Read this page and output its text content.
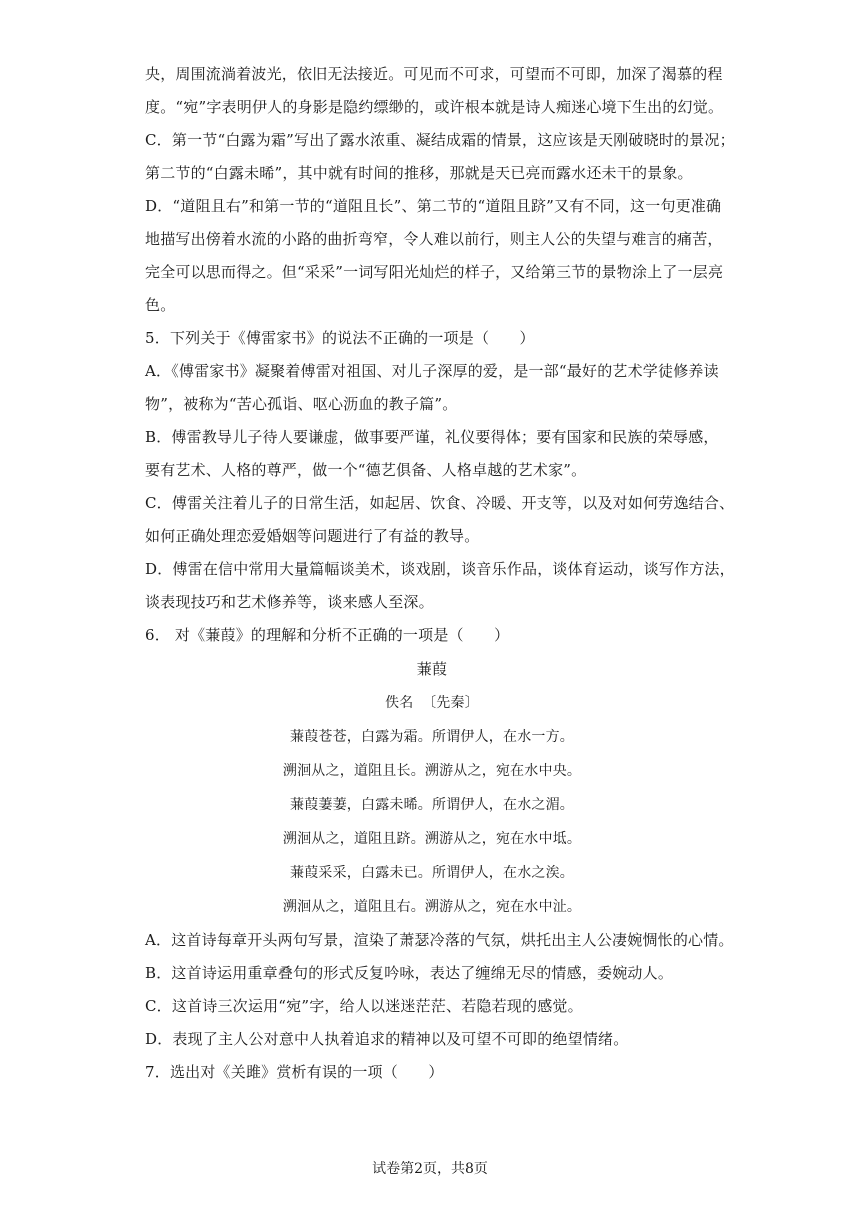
央，周围流淌着波光，依旧无法接近。可见而不可求，可望而不可即，加深了渴慕的程
度。“宛”字表明伊人的身影是隐约缥缈的，或许根本就是诗人痴迷心境下生出的幻觉。
C．第一节“白露为霜”写出了露水浓重、凝结成霜的情景，这应该是天刚破晓时的景况；
第二节的“白露未晞”，其中就有时间的推移，那就是天已亮而露水还未干的景象。
D．“道阻且右”和第一节的“道阻且长”、第二节的“道阻且跻”又有不同，这一句更准确
地描写出傍着水流的小路的曲折弯窄，令人难以前行，则主人公的失望与难言的痛苦，
完全可以思而得之。但“采采”一词写阳光灿烂的样子，又给第三节的景物涂上了一层亮
色。
5．下列关于《傅雷家书》的说法不正确的一项是（　　）
A．《傅雷家书》凝聚着傅雷对祖国、对儿子深厚的爱，是一部“最好的艺术学徒修养读
物”，被称为“苦心孤诣、呕心沥血的教子篇”。
B．傅雷教导儿子待人要谦虚，做事要严谨，礼仪要得体；要有国家和民族的荣辱感，
要有艺术、人格的尊严，做一个“德艺俱备、人格卓越的艺术家”。
C．傅雷关注着儿子的日常生活，如起居、饮食、冷暖、开支等，以及对如何劳逸结合、
如何正确处理恋爱婚姻等问题进行了有益的教导。
D．傅雷在信中常用大量篇幅谈美术，谈戏剧，谈音乐作品，谈体育运动，谈写作方法，
谈表现技巧和艺术修养等，谈来感人至深。
6． 对《蒹葭》的理解和分析不正确的一项是（　　）
蒹葭
佚名 〔先秦〕
蒹葭苍苍，白露为霜。所谓伊人，在水一方。
溯洄从之，道阻且长。溯游从之，宛在水中央。
蒹葭萋萋，白露未晞。所谓伊人，在水之湄。
溯洄从之，道阻且跻。溯游从之，宛在水中坻。
蒹葭采采，白露未已。所谓伊人，在水之涘。
溯洄从之，道阻且右。溯游从之，宛在水中沚。
A．这首诗每章开头两句写景，渲染了萧瑟冷落的气氛，烘托出主人公凄婉惆怅的心情。
B．这首诗运用重章叠句的形式反复吟咏，表达了缠绵无尽的情感，委婉动人。
C．这首诗三次运用“宛”字，给人以迷迷茫茫、若隐若现的感觉。
D．表现了主人公对意中人执着追求的精神以及可望不可即的绝望情绪。
7．选出对《关雎》赏析有误的一项（　　）
试卷第2页，共8页
